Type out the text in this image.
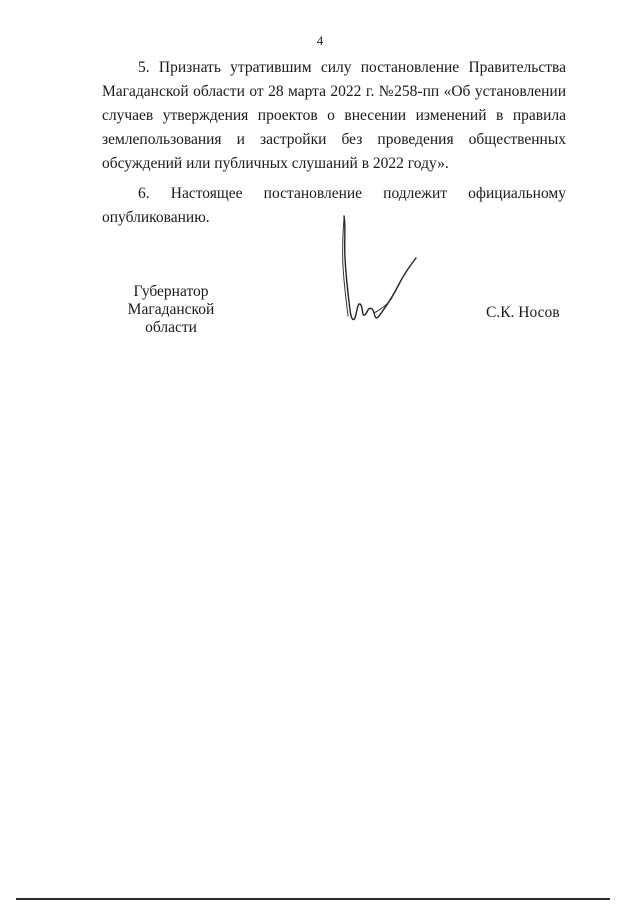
4
5. Признать утратившим силу постановление Правительства Магаданской области от 28 марта 2022 г. №258-пп «Об установлении случаев утверждения проектов о внесении изменений в правила землепользования и застройки без проведения общественных обсуждений или публичных слушаний в 2022 году».
6. Настоящее постановление подлежит официальному опубликованию.
Губернатор
Магаданской области
С.К. Носов
